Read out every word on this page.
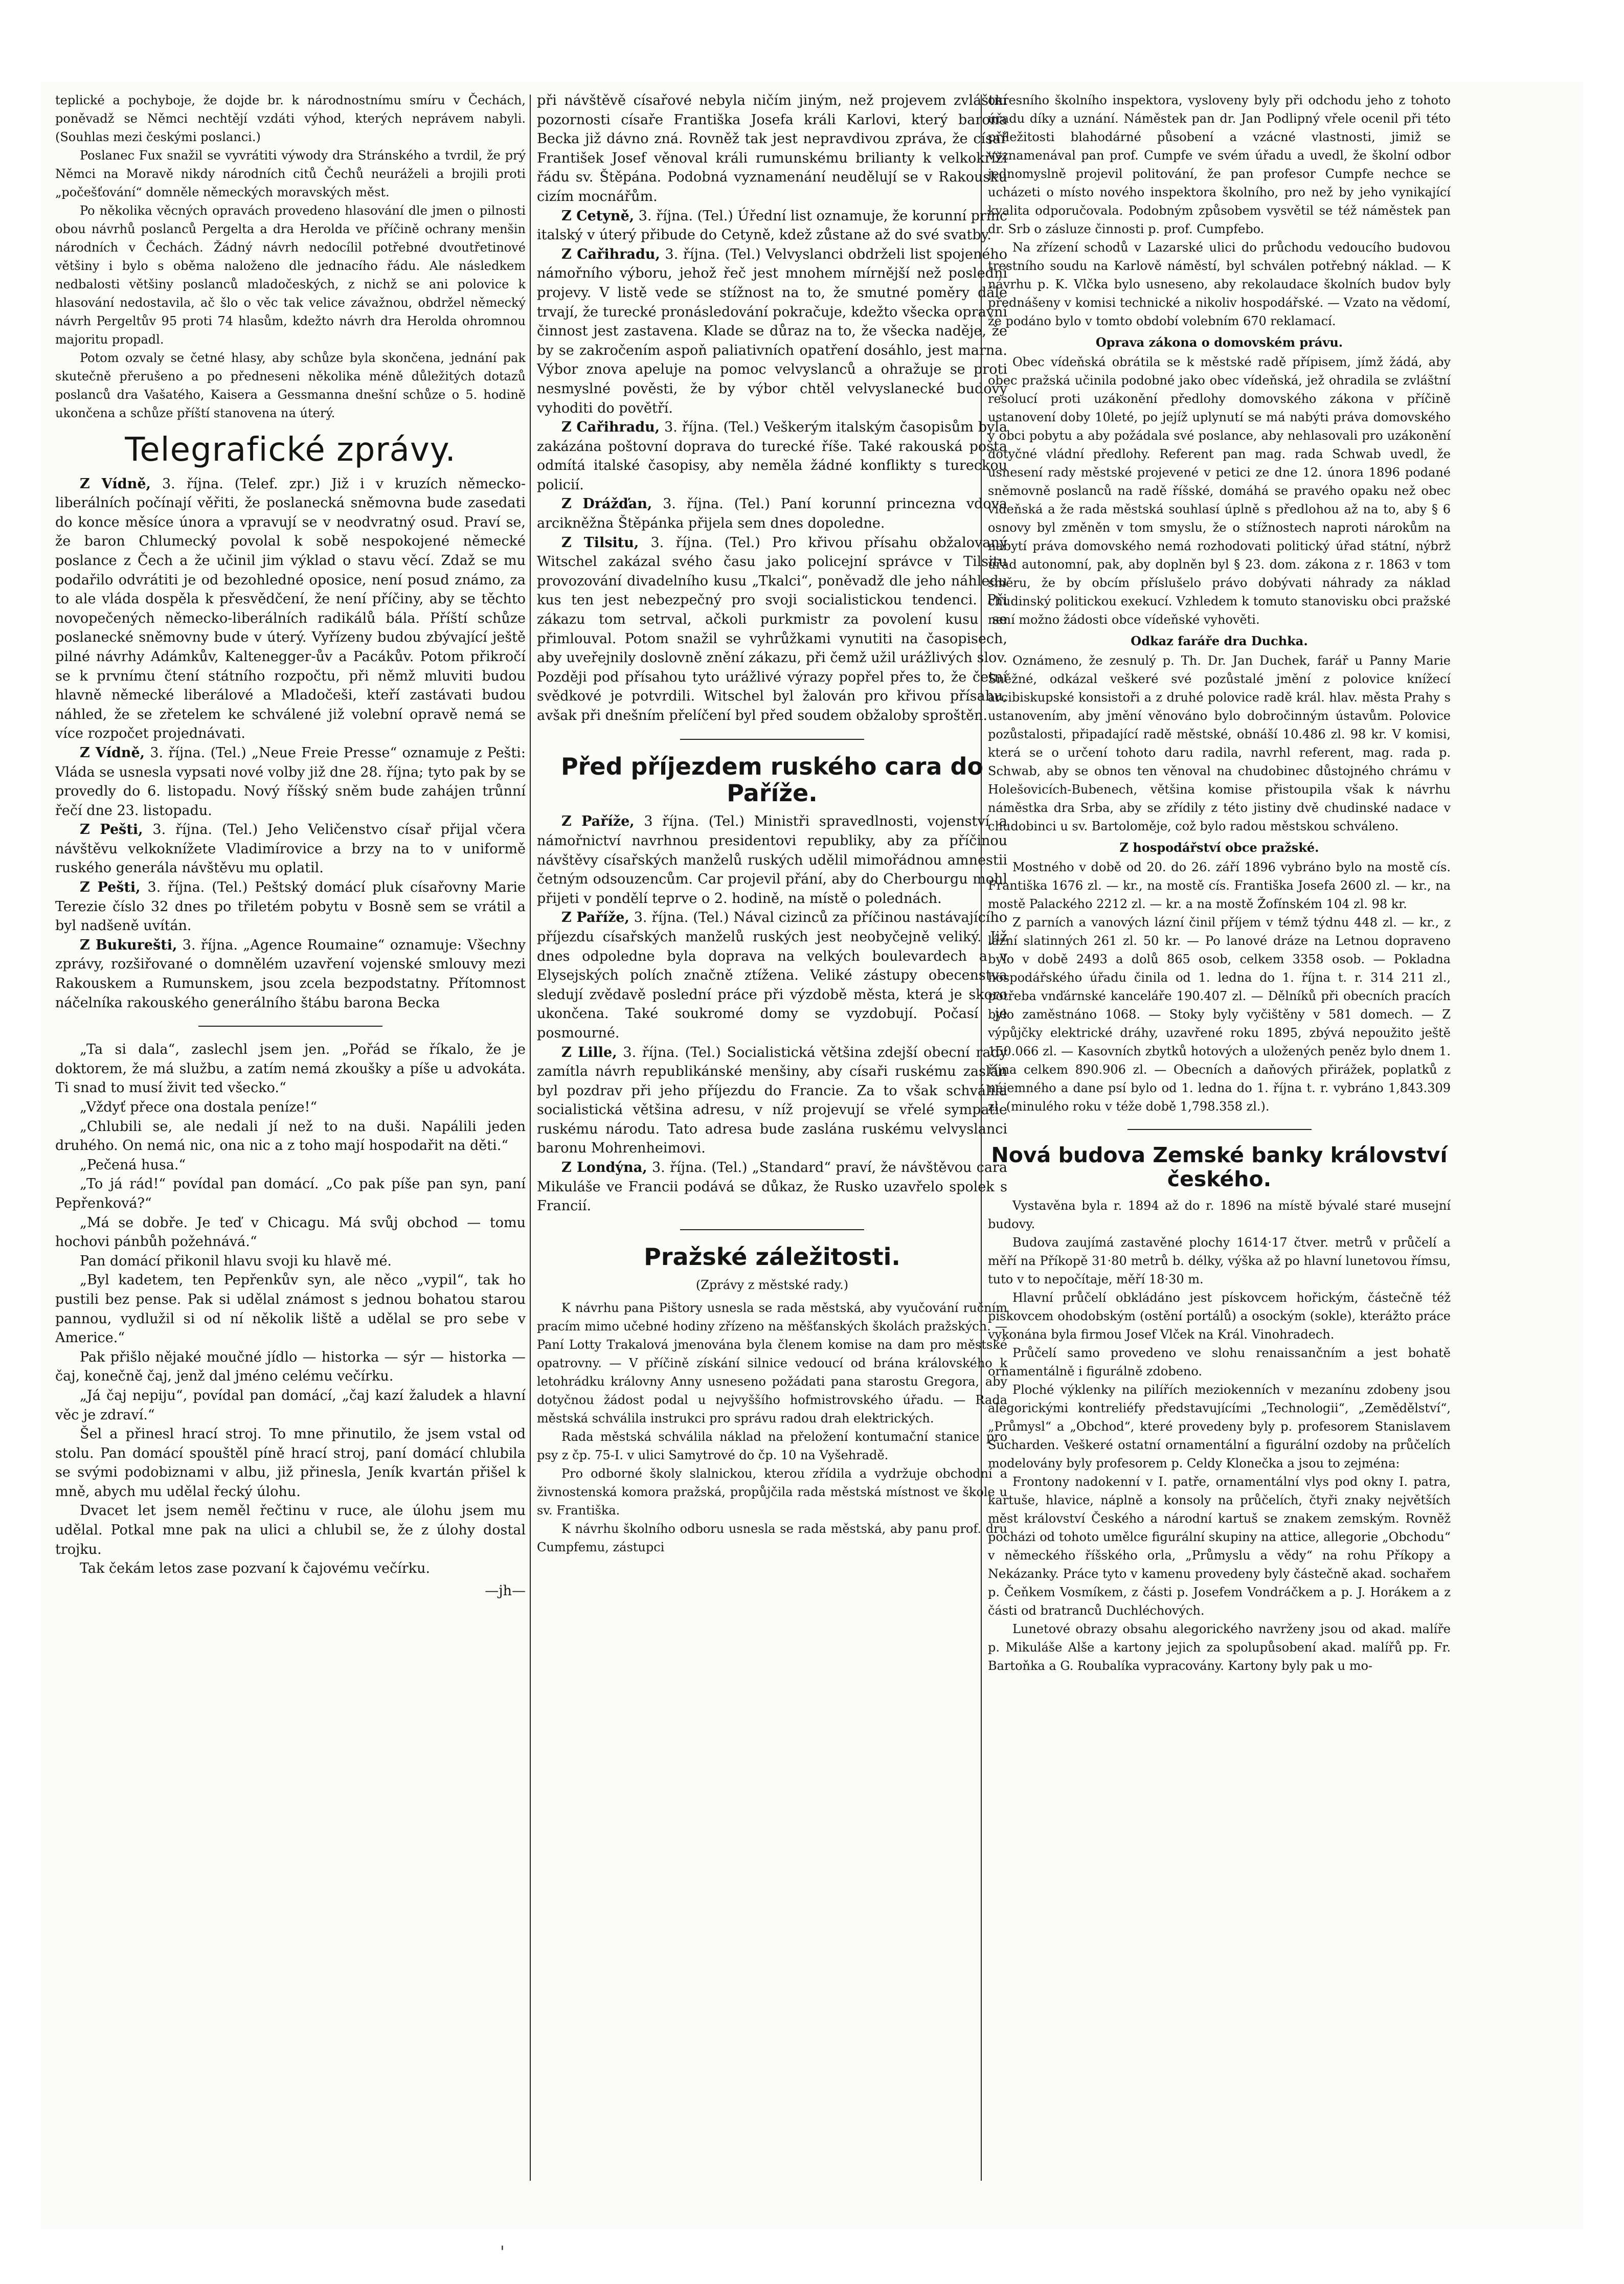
teplické a pochyboje, že dojde br. k národnostnímu smíru v Čechách, poněvadž se Němci nechtějí vzdáti výhod, kterých neprávem nabyli. (Souhlas mezi českými poslanci.)

Poslanec Fux snažil se vyvrátiti výwody dra Stránského a tvrdil, že prý Němci na Moravě nikdy národních citů Čechů neuráželi a brojili proti „počešťování“ domněle německých moravských měst.

Po několika věcných opravách provedeno hlasování dle jmen o pilnosti obou návrhů poslanců Pergelta a dra Herolda ve příčině ochrany menšin národních v Čechách. Žádný návrh nedocílil potřebné dvoutřetinové většiny i bylo s oběma naloženo dle jednacího řádu. Ale následkem nedbalosti většiny poslanců mladočeských, z nichž se ani polovice k hlasování nedostavila, ač šlo o věc tak velice závažnou, obdržel německý návrh Pergeltův 95 proti 74 hlasům, kdežto návrh dra Herolda ohromnou majoritu propadl.

Potom ozvaly se četné hlasy, aby schůze byla skončena, jednání pak skutečně přerušeno a po předneseni několika méně důležitých dotazů poslanců dra Vašatého, Kaisera a Gessmanna dnešní schůze o 5. hodině ukončena a schůze příští stanovena na úterý.

Telegrafické zprávy.

Z Vídně, 3. října. (Telef. zpr.) Již i v kruzích německo-liberálních počínají věřiti, že poslanecká sněmovna bude zasedati do konce měsíce února a vpravují se v neodvratný osud. Praví se, že baron Chlumecký povolal k sobě nespokojené německé poslance z Čech a že učinil jim výklad o stavu věcí. Zdaž se mu podařilo odvrátiti je od bezohledné oposice, není posud známo, za to ale vláda dospěla k přesvědčení, že není příčiny, aby se těchto novopečených německo-liberálních radikálů bála. Příští schůze poslanecké sněmovny bude v úterý. Vyřízeny budou zbývající ještě pilné návrhy Adámkův, Kaltenegger-ův a Pacákův. Potom přikročí se k prvnímu čtení státního rozpočtu, při němž mluviti budou hlavně německé liberálové a Mladočeši, kteří zastávati budou náhled, že se zřetelem ke schválené již volební opravě nemá se více rozpočet projednávati.

Z Vídně, 3. října. (Tel.) „Neue Freie Presse“ oznamuje z Pešti: Vláda se usnesla vypsati nové volby již dne 28. října; tyto pak by se provedly do 6. listopadu. Nový říšský sněm bude zahájen trůnní řečí dne 23. listopadu.

Z Pešti, 3. října. (Tel.) Jeho Veličenstvo císař přijal včera návštěvu velkoknížete Vladimírovice a brzy na to v uniformě ruského generála návštěvu mu oplatil.

Z Pešti, 3. října. (Tel.) Peštský domácí pluk císařovny Marie Terezie číslo 32 dnes po třiletém pobytu v Bosně sem se vrátil a byl nadšeně uvítán.

Z Bukurešti, 3. října. „Agence Roumaine“ oznamuje: Všechny zprávy, rozšiřované o domnělém uzavření vojenské smlouvy mezi Rakouskem a Rumunskem, jsou zcela bezpodstatny. Přítomnost náčelníka rakouského generálního štábu barona Becka

„Ta si dala“, zaslechl jsem jen. „Pořád se říkalo, že je doktorem, že má službu, a zatím nemá zkoušky a píše u advokáta. Ti snad to musí živit ted všecko.“

„Vždyť přece ona dostala peníze!“

„Chlubili se, ale nedali jí než to na duši. Napálili jeden druhého. On nemá nic, ona nic a z toho mají hospodařit na děti.“

„Pečená husa.“

„To já rád!“ povídal pan domácí. „Co pak píše pan syn, paní Pepřenková?“

„Má se dobře. Je teď v Chicagu. Má svůj obchod — tomu hochovi pánbůh požehnává.“

Pan domácí přikonil hlavu svoji ku hlavě mé.

„Byl kadetem, ten Pepřenkův syn, ale něco „vypil“, tak ho pustili bez pense. Pak si udělal známost s jednou bohatou starou pannou, vydlužil si od ní několik liště a udělal se pro sebe v Americe.“

Pak přišlo nějaké moučné jídlo — historka — sýr — historka — čaj, konečně čaj, jenž dal jméno celému večírku.

„Já čaj nepiju“, povídal pan domácí, „čaj kazí žaludek a hlavní věc je zdraví.“

Šel a přinesl hrací stroj. To mne přinutilo, že jsem vstal od stolu. Pan domácí spouštěl píně hrací stroj, paní domácí chlubila se svými podobiznami v albu, již přinesla, Jeník kvartán přišel k mně, abych mu udělal řecký úlohu.

Dvacet let jsem neměl řečtinu v ruce, ale úlohu jsem mu udělal. Potkal mne pak na ulici a chlubil se, že z úlohy dostal trojku.

Tak čekám letos zase pozvaní k čajovému večírku.

—jh—

při návštěvě císařové nebyla ničím jiným, než projevem zvláštní pozornosti císaře Františka Josefa králi Karlovi, který barona Becka již dávno zná. Rovněž tak jest nepravdivou zpráva, že císař František Josef věnoval králi rumunskému brilianty k velkokříži řádu sv. Štěpána. Podobná vyznamenání neudělují se v Rakousku cizím mocnářům.

Z Cetyně, 3. října. (Tel.) Úřední list oznamuje, že korunní princ italský v úterý přibude do Cetyně, kdež zůstane až do své svatby.

Z Cařihradu, 3. října. (Tel.) Velvyslanci obdrželi list spojeného námořního výboru, jehož řeč jest mnohem mírnější než poslední projevy. V listě vede se stížnost na to, že smutné poměry dále trvají, že turecké pronásledování pokračuje, kdežto všecka opravní činnost jest zastavena. Klade se důraz na to, že všecka naděje, že by se zakročením aspoň paliativních opatření dosáhlo, jest marna. Výbor znova apeluje na pomoc velvyslanců a ohražuje se proti nesmyslné pověsti, že by výbor chtěl velvyslanecké budovy vyhoditi do povětří.

Z Cařihradu, 3. října. (Tel.) Veškerým italským časopisům byla zakázána poštovní doprava do turecké říše. Také rakouská pošta odmítá italské časopisy, aby neměla žádné konflikty s tureckou policií.

Z Drážďan, 3. října. (Tel.) Paní korunní princezna vdova arcikněžna Štěpánka přijela sem dnes dopoledne.

Z Tilsitu, 3. října. (Tel.) Pro křivou přísahu obžalovaný Witschel zakázal svého času jako policejní správce v Tilsitu provozování divadelního kusu „Tkalci“, poněvadž dle jeho náhledu kus ten jest nebezpečný pro svoji socialistickou tendenci. Při zákazu tom setrval, ačkoli purkmistr za povolení kusu se přimlouval. Potom snažil se vyhrůžkami vynutiti na časopisech, aby uveřejnily doslovně znění zákazu, při čemž užil urážlivých slov. Později pod přísahou tyto urážlivé výrazy popřel přes to, že četní svědkové je potvrdili. Witschel byl žalován pro křivou přísahu, avšak při dnešním přelíčení byl před soudem obžaloby sproštěn.

Před příjezdem ruského cara do Paříže.

Z Paříže, 3 října. (Tel.) Ministři spravedlnosti, vojenství a námořnictví navrhnou presidentovi republiky, aby za příčinou návštěvy císařských manželů ruských udělil mimořádnou amnestii četným odsouzencům. Car projevil přání, aby do Cherbourgu mohl přijeti v pondělí teprve o 2. hodině, na místě o polednách.

Z Paříže, 3. října. (Tel.) Nával cizinců za příčinou nastávajícího příjezdu císařských manželů ruských jest neobyčejně veliký. Již dnes odpoledne byla doprava na velkých boulevardech a v Elysejských polích značně ztížena. Veliké zástupy obecenstva sledují zvědavě poslední práce při výzdobě města, která je skoro ukončena. Také soukromé domy se vyzdobují. Počasí je posmourné.

Z Lille, 3. října. (Tel.) Socialistická většina zdejší obecní rady zamítla návrh republikánské menšiny, aby císaři ruskému zaslán byl pozdrav při jeho příjezdu do Francie. Za to však schválila socialistická většina adresu, v níž projevují se vřelé sympatie ruskému národu. Tato adresa bude zaslána ruskému velvyslanci baronu Mohrenheimovi.

Z Londýna, 3. října. (Tel.) „Standard“ praví, že návštěvou cara Mikuláše ve Francii podává se důkaz, že Rusko uzavřelo spolek s Francií.

Pražské záležitosti.
(Zprávy z městské rady.)

K návrhu pana Pištory usnesla se rada městská, aby vyučování ručním pracím mimo učebné hodiny zřízeno na měšťanských školách pražských. — Paní Lotty Trakalová jmenována byla členem komise na dam pro městské opatrovny. — V příčině získání silnice vedoucí od brána královského k letohrádku královny Anny usneseno požádati pana starostu Gregora, aby dotyčnou žádost podal u nejvyššího hofmistrovského úřadu. — Rada městská schválila instrukci pro správu radou drah elektrických.

Rada městská schválila náklad na přeložení kontumační stanice pro psy z čp. 75-I. v ulici Samytrové do čp. 10 na Vyšehradě.

Pro odborné školy slalnickou, kterou zřídila a vydržuje obchodní a živnostenská komora pražská, propůjčila rada městská místnost ve škole u sv. Františka.

K návrhu školního odboru usnesla se rada městská, aby panu prof. dru Cumpfemu, zástupci

okresního školního inspektora, vysloveny byly při odchodu jeho z tohoto úřadu díky a uznání. Náměstek pan dr. Jan Podlipný vřele ocenil při této příležitosti blahodárné působení a vzácné vlastnosti, jimiž se vyznamenával pan prof. Cumpfe ve svém úřadu a uvedl, že školní odbor jednomyslně projevil politování, že pan profesor Cumpfe nechce se ucházeti o místo nového inspektora školního, pro než by jeho vynikající kvalita odporučovala. Podobným způsobem vysvětil se též náměstek pan dr. Srb o zásluze činnosti p. prof. Cumpfebo.

Na zřízení schodů v Lazarské ulici do průchodu vedoucího budovou trestního soudu na Karlově náměstí, byl schválen potřebný náklad. — K návrhu p. K. Vlčka bylo usneseno, aby rekolaudace školních budov byly přednášeny v komisi technické a nikoliv hospodářské. — Vzato na vědomí, že podáno bylo v tomto období volebním 670 reklamací.

Oprava zákona o domovském právu.

Obec vídeňská obrátila se k městské radě přípisem, jímž žádá, aby obec pražská učinila podobné jako obec vídeňská, jež ohradila se zvláštní resolucí proti uzákonění předlohy domovského zákona v příčině ustanovení doby 10leté, po jejíž uplynutí se má nabýti práva domovského v obci pobytu a aby požádala své poslance, aby nehlasovali pro uzákonění dotyčné vládní předlohy. Referent pan mag. rada Schwab uvedl, že usnesení rady městské projevené v petici ze dne 12. února 1896 podané sněmovně poslanců na radě říšské, domáhá se pravého opaku než obec vídeňská a že rada městská souhlasí úplně s předlohou až na to, aby § 6 osnovy byl změněn v tom smyslu, že o stížnostech naproti nárokům na nabytí práva domovského nemá rozhodovati politický úřad státní, nýbrž úřad autonomní, pak, aby doplněn byl § 23. dom. zákona z r. 1863 v tom směru, že by obcím příslušelo právo dobývati náhrady za náklad chudinský politickou exekucí. Vzhledem k tomuto stanovisku obci pražské není možno žádosti obce vídeňské vyhověti.

Odkaz faráře dra Duchka.

Oznámeno, že zesnulý p. Th. Dr. Jan Duchek, farář u Panny Marie Sněžné, odkázal veškeré své pozůstalé jmění z polovice knížecí arcibiskupské konsistoři a z druhé polovice radě král. hlav. města Prahy s ustanovením, aby jmění věnováno bylo dobročinným ústavům. Polovice pozůstalosti, připadající radě městské, obnáší 10.486 zl. 98 kr. V komisi, která se o určení tohoto daru radila, navrhl referent, mag. rada p. Schwab, aby se obnos ten věnoval na chudobinec důstojného chrámu v Holešovicích-Bubenech, většina komise přistoupila však k návrhu náměstka dra Srba, aby se zřídily z této jistiny dvě chudinské nadace v chudobinci u sv. Bartoloměje, což bylo radou městskou schváleno.

Z hospodářství obce pražské.

Mostného v době od 20. do 26. září 1896 vybráno bylo na mostě cís. Františka 1676 zl. — kr., na mostě cís. Františka Josefa 2600 zl. — kr., na mostě Palackého 2212 zl. — kr. a na mostě Žofínském 104 zl. 98 kr.

Z parních a vanových lázní činil příjem v témž týdnu 448 zl. — kr., z lázní slatinných 261 zl. 50 kr. — Po lanové dráze na Letnou dopraveno bylo v době 2493 a dolů 865 osob, celkem 3358 osob. — Pokladna hospodářského úřadu činila od 1. ledna do 1. října t. r. 314 211 zl., potřeba vnďárnské kanceláře 190.407 zl. — Dělníků při obecních pracích bylo zaměstnáno 1068. — Stoky byly vyčištěny v 581 domech. — Z výpůjčky elektrické dráhy, uzavřené roku 1895, zbývá nepoužito ještě 150.066 zl. — Kasovních zbytků hotových a uložených peněz bylo dnem 1. října celkem 890.906 zl. — Obecních a daňových přirážek, poplatků z nájemného a dane psí bylo od 1. ledna do 1. října t. r. vybráno 1,843.309 zl. (minulého roku v téže době 1,798.358 zl.).

Nová budova Zemské banky království českého.

Vystavěna byla r. 1894 až do r. 1896 na místě bývalé staré musejní budovy.

Budova zaujímá zastavěné plochy 1614·17 čtver. metrů v průčelí a měří na Příkopě 31·80 metrů b. délky, výška až po hlavní lunetovou římsu, tuto v to nepočítaje, měří 18·30 m.

Hlavní průčelí obkládáno jest pískovcem hořickým, částečně též pískovcem ohodobským (ostění portálů) a osockým (sokle), kterážto práce vykonána byla firmou Josef Vlček na Král. Vinohradech.

Průčelí samo provedeno ve slohu renaissančním a jest bohatě ornamentálně i figurálně zdobeno.

Ploché výklenky na pilířích meziokenních v mezanínu zdobeny jsou alegorickými kontreliéfy představujícími „Technologii“, „Zemědělství“, „Průmysl“ a „Obchod“, které provedeny byly p. profesorem Stanislavem Sucharden. Veškeré ostatní ornamentální a figurální ozdoby na průčelích modelovány byly profesorem p. Celdy Klonečka a jsou to zejména:

Frontony nadokenní v I. patře, ornamentální vlys pod okny I. patra, kartuše, hlavice, náplně a konsoly na průčelích, čtyři znaky největších měst království Českého a národní kartuš se znakem zemským. Rovněž pocházi od tohoto umělce figurální skupiny na attice, allegorie „Obchodu“ v německého říšského orla, „Průmyslu a vědy“ na rohu Příkopy a Nekázanky. Práce tyto v kamenu provedeny byly částečně akad. sochařem p. Čeňkem Vosmíkem, z části p. Josefem Vondráčkem a p. J. Horákem a z části od bratranců Duchléchových.

Lunetové obrazy obsahu alegorického navrženy jsou od akad. malíře p. Mikuláše Alše a kartony jejich za spolupůsobení akad. malířů pp. Fr. Bartoňka a G. Roubalíka vypracovány. Kartony byly pak u mo-

'
